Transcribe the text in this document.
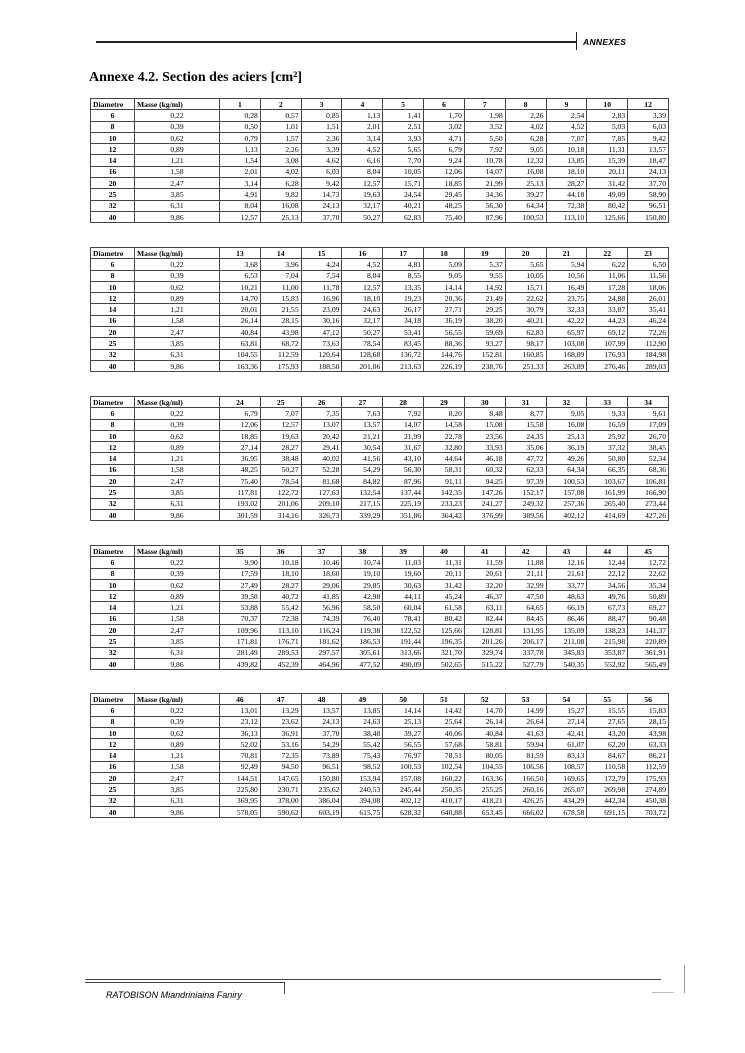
ANNEXES
Annexe 4.2. Section des aciers [cm²]
Diametre	Masse (kg/ml)	1	2	3	4	5	6	7	8	9	10	12
6	0,22	0,28	0,57	0,85	1,13	1,41	1,70	1,98	2,26	2,54	2,83	3,39
8	0,39	0,50	1,01	1,51	2,01	2,51	3,02	3,52	4,02	4,52	5,03	6,03
10	0,62	0,79	1,57	2,36	3,14	3,93	4,71	5,50	6,28	7,07	7,85	9,42
12	0,89	1,13	2,26	3,39	4,52	5,65	6,79	7,92	9,05	10,18	11,31	13,57
14	1,21	1,54	3,08	4,62	6,16	7,70	9,24	10,78	12,32	13,85	15,39	18,47
16	1,58	2,01	4,02	6,03	8,04	10,05	12,06	14,07	16,08	18,10	20,11	24,13
20	2,47	3,14	6,28	9,42	12,57	15,71	18,85	21,99	25,13	28,27	31,42	37,70
25	3,85	4,91	9,82	14,73	19,63	24,54	29,45	34,36	39,27	44,18	49,09	58,90
32	6,31	8,04	16,08	24,13	32,17	40,21	48,25	56,30	64,34	72,38	80,42	96,51
40	9,86	12,57	25,13	37,70	50,27	62,83	75,40	87,96	100,53	113,10	125,66	150,80
Diametre	Masse (kg/ml)	13	14	15	16	17	18	19	20	21	22	23
6	0,22	3,68	3,96	4,24	4,52	4,81	5,09	5,37	5,65	5,94	6,22	6,50
8	0,39	6,53	7,04	7,54	8,04	8,55	9,05	9,55	10,05	10,56	11,06	11,56
10	0,62	10,21	11,00	11,78	12,57	13,35	14,14	14,92	15,71	16,49	17,28	18,06
12	0,89	14,70	15,83	16,96	18,10	19,23	20,36	21,49	22,62	23,75	24,88	26,01
14	1,21	20,01	21,55	23,09	24,63	26,17	27,71	29,25	30,79	32,33	33,87	35,41
16	1,58	26,14	28,15	30,16	32,17	34,18	36,19	38,20	40,21	42,22	44,23	46,24
20	2,47	40,84	43,98	47,12	50,27	53,41	56,55	59,69	62,83	65,97	69,12	72,26
25	3,85	63,81	68,72	73,63	78,54	83,45	88,36	93,27	98,17	103,08	107,99	112,90
32	6,31	104,55	112,59	120,64	128,68	136,72	144,76	152,81	160,85	168,89	176,93	184,98
40	9,86	163,36	175,93	188,50	201,06	213,63	226,19	238,76	251,33	263,89	276,46	289,03
Diametre	Masse (kg/ml)	24	25	26	27	28	29	30	31	32	33	34
6	0,22	6,79	7,07	7,35	7,63	7,92	8,20	8,48	8,77	9,05	9,33	9,61
8	0,39	12,06	12,57	13,07	13,57	14,07	14,58	15,08	15,58	16,08	16,59	17,09
10	0,62	18,85	19,63	20,42	21,21	21,99	22,78	23,56	24,35	25,13	25,92	26,70
12	0,89	27,14	28,27	29,41	30,54	31,67	32,80	33,93	35,06	36,19	37,32	38,45
14	1,21	36,95	38,48	40,02	41,56	43,10	44,64	46,18	47,72	49,26	50,80	52,34
16	1,58	48,25	50,27	52,28	54,29	56,30	58,31	60,32	62,33	64,34	66,35	68,36
20	2,47	75,40	78,54	81,68	84,82	87,96	91,11	94,25	97,39	100,53	103,67	106,81
25	3,85	117,81	122,72	127,63	132,54	137,44	142,35	147,26	152,17	157,08	161,99	166,90
32	6,31	193,02	201,06	209,10	217,15	225,19	233,23	241,27	249,32	257,36	265,40	273,44
40	9,86	301,59	314,16	326,73	339,29	351,86	364,42	376,99	389,56	402,12	414,69	427,26
Diametre	Masse (kg/ml)	35	36	37	38	39	40	41	42	43	44	45
6	0,22	9,90	10,18	10,46	10,74	11,03	11,31	11,59	11,88	12,16	12,44	12,72
8	0,39	17,59	18,10	18,60	19,10	19,60	20,11	20,61	21,11	21,61	22,12	22,62
10	0,62	27,49	28,27	29,06	29,85	30,63	31,42	32,20	32,99	33,77	34,56	35,34
12	0,89	39,58	40,72	41,85	42,98	44,11	45,24	46,37	47,50	48,63	49,76	50,89
14	1,21	53,88	55,42	56,96	58,50	60,04	61,58	63,11	64,65	66,19	67,73	69,27
16	1,58	70,37	72,38	74,39	76,40	78,41	80,42	82,44	84,45	86,46	88,47	90,48
20	2,47	109,96	113,10	116,24	119,38	122,52	125,66	128,81	131,95	135,09	138,23	141,37
25	3,85	171,81	176,71	181,62	186,53	191,44	196,35	201,26	206,17	211,08	215,98	220,89
32	6,31	281,49	289,53	297,57	305,61	313,66	321,70	329,74	337,78	345,83	353,87	361,91
40	9,86	439,82	452,39	464,96	477,52	490,09	502,65	515,22	527,79	540,35	552,92	565,49
Diametre	Masse (kg/ml)	46	47	48	49	50	51	52	53	54	55	56
6	0,22	13,01	13,29	13,57	13,85	14,14	14,42	14,70	14,99	15,27	15,55	15,83
8	0,39	23,12	23,62	24,13	24,63	25,13	25,64	26,14	26,64	27,14	27,65	28,15
10	0,62	36,13	36,91	37,70	38,48	39,27	40,06	40,84	41,63	42,41	43,20	43,98
12	0,89	52,02	53,16	54,29	55,42	56,55	57,68	58,81	59,94	61,07	62,20	63,33
14	1,21	70,81	72,35	73,89	75,43	76,97	78,51	80,05	81,59	83,13	84,67	86,21
16	1,58	92,49	94,50	96,51	98,52	100,53	102,54	104,55	106,56	108,57	110,58	112,59
20	2,47	144,51	147,65	150,80	153,94	157,08	160,22	163,36	166,50	169,65	172,79	175,93
25	3,85	225,80	230,71	235,62	240,53	245,44	250,35	255,25	260,16	265,07	269,98	274,89
32	6,31	369,95	378,00	386,04	394,08	402,12	410,17	418,21	426,25	434,29	442,34	450,38
40	9,86	578,05	590,62	603,19	615,75	628,32	640,88	653,45	666,02	678,58	691,15	703,72
RATOBISON Miandriniaina Faniry
